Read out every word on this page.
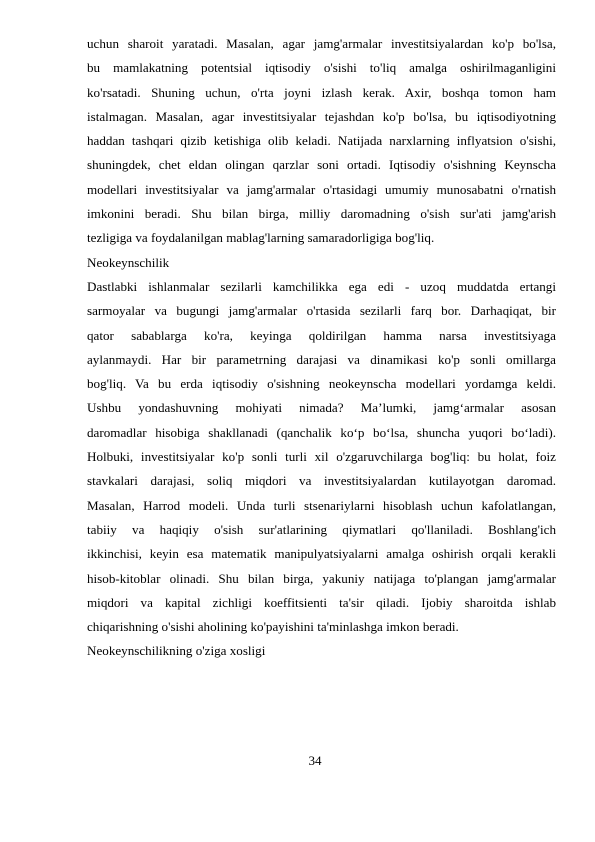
uchun sharoit yaratadi. Masalan, agar jamg'armalar investitsiyalardan ko'p bo'lsa,
bu mamlakatning potentsial iqtisodiy o'sishi to'liq amalga oshirilmaganligini
ko'rsatadi. Shuning uchun, o'rta joyni izlash kerak. Axir, boshqa tomon ham
istalmagan. Masalan, agar investitsiyalar tejashdan ko'p bo'lsa, bu iqtisodiyotning
haddan tashqari qizib ketishiga olib keladi. Natijada narxlarning inflyatsion o'sishi,
shuningdek, chet eldan olingan qarzlar soni ortadi. Iqtisodiy o'sishning Keynscha
modellari investitsiyalar va jamg'armalar o'rtasidagi umumiy munosabatni o'rnatish
imkonini beradi. Shu bilan birga, milliy daromadning o'sish sur'ati jamg'arish
tezligiga va foydalanilgan mablag'larning samaradorligiga bog'liq.
Neokeynschilik
Dastlabki ishlanmalar sezilarli kamchilikka ega edi - uzoq muddatda ertangi
sarmoyalar va bugungi jamg'armalar o'rtasida sezilarli farq bor. Darhaqiqat, bir
qator sabablarga ko'ra, keyinga qoldirilgan hamma narsa investitsiyaga
aylanmaydi. Har bir parametrning darajasi va dinamikasi ko'p sonli omillarga
bog'liq. Va bu erda iqtisodiy o'sishning neokeynscha modellari yordamga keldi.
Ushbu yondashuvning mohiyati nimada? Ma’lumki, jamg‘armalar asosan
daromadlar hisobiga shakllanadi (qanchalik ko‘p bo‘lsa, shuncha yuqori bo‘ladi).
Holbuki, investitsiyalar ko'p sonli turli xil o'zgaruvchilarga bog'liq: bu holat, foiz
stavkalari darajasi, soliq miqdori va investitsiyalardan kutilayotgan daromad.
Masalan, Harrod modeli. Unda turli stsenariylarni hisoblash uchun kafolatlangan,
tabiiy va haqiqiy o'sish sur'atlarining qiymatlari qo'llaniladi. Boshlang'ich
ikkinchisi, keyin esa matematik manipulyatsiyalarni amalga oshirish orqali kerakli
hisob-kitoblar olinadi. Shu bilan birga, yakuniy natijaga to'plangan jamg'armalar
miqdori va kapital zichligi koeffitsienti ta'sir qiladi. Ijobiy sharoitda ishlab
chiqarishning o'sishi aholining ko'payishini ta'minlashga imkon beradi.
Neokeynschilikning o'ziga xosligi
34
